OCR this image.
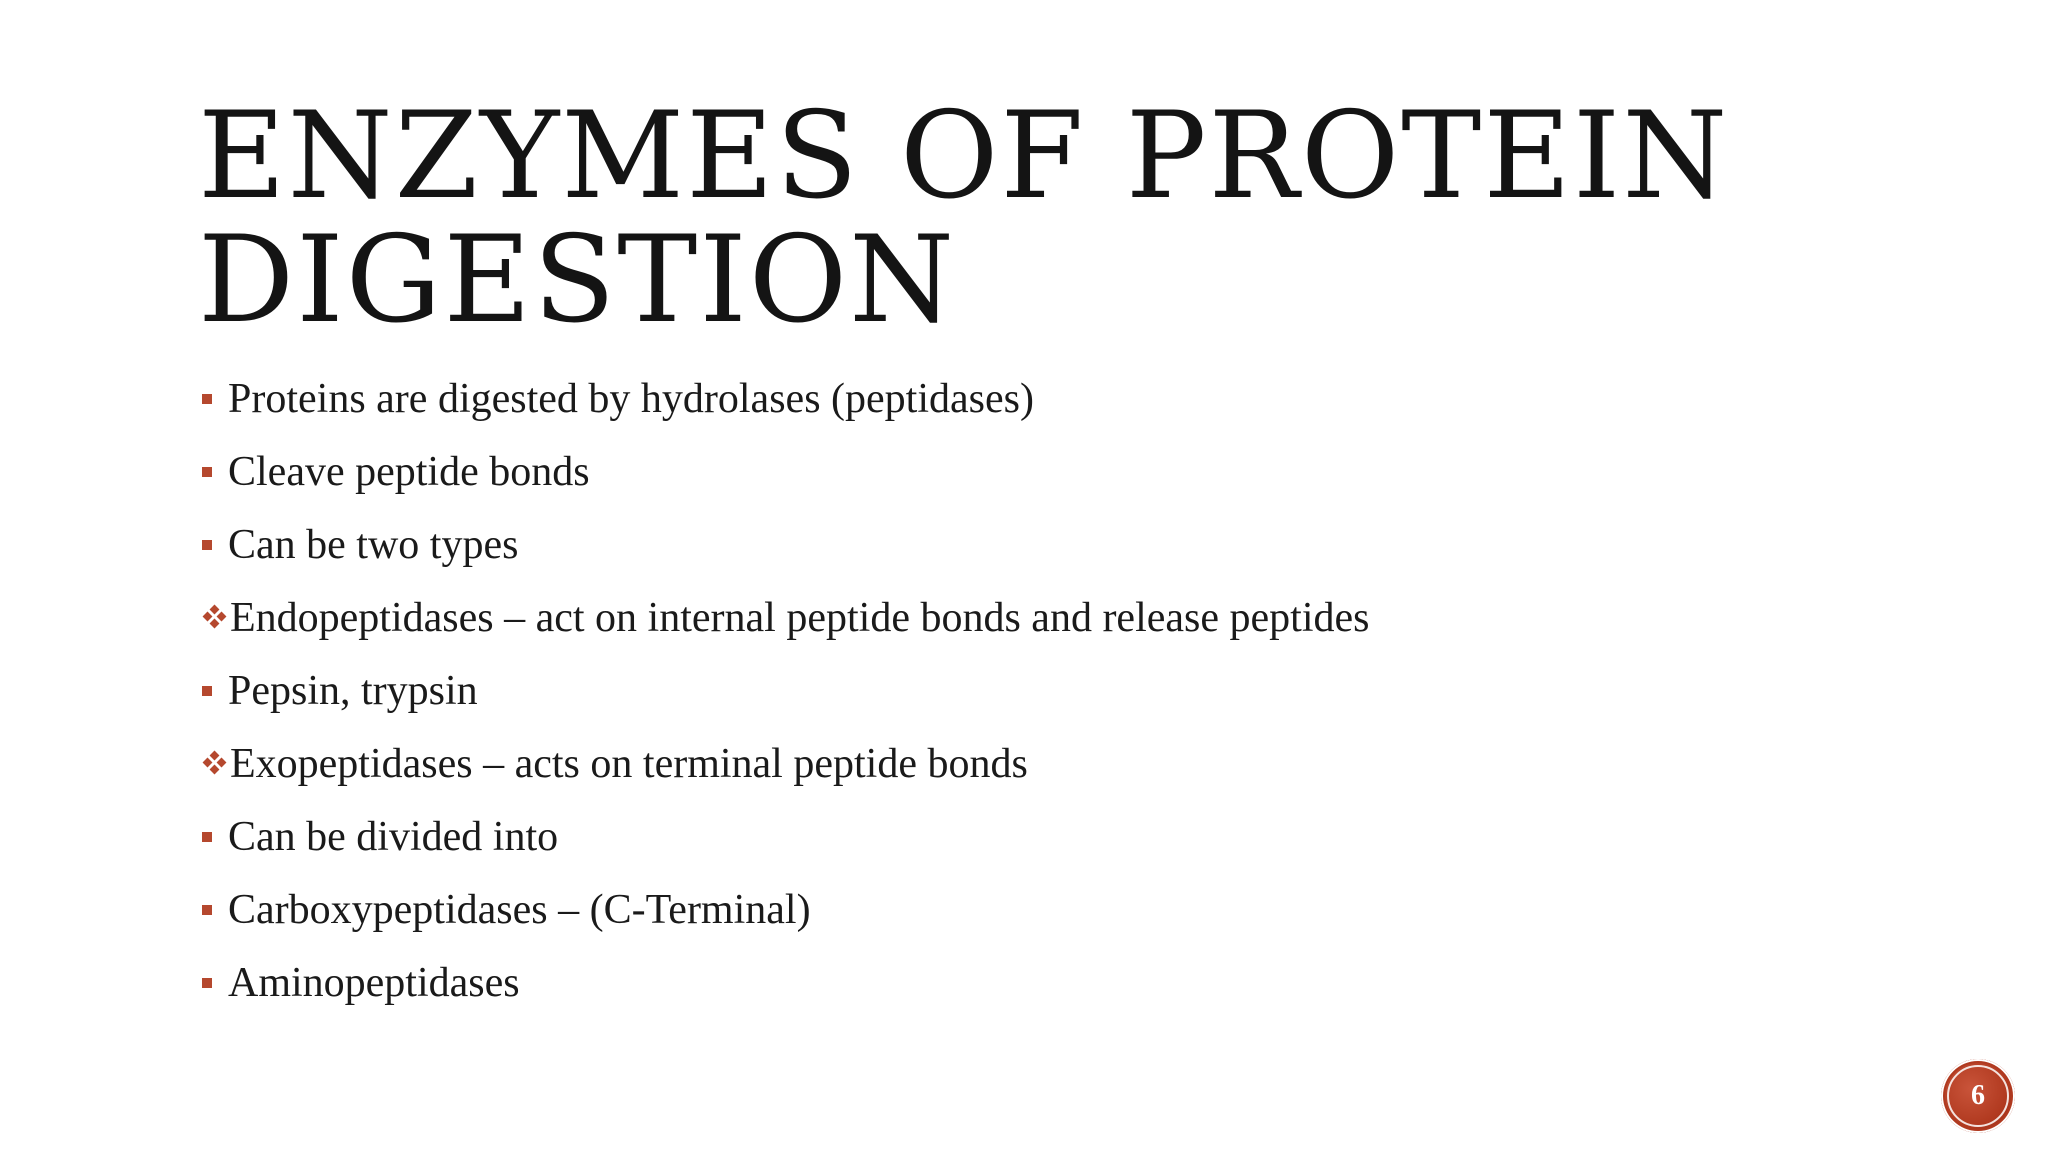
ENZYMES OF PROTEIN
DIGESTION
Proteins are digested by hydrolases (peptidases)
Cleave peptide bonds
Can be two types
Endopeptidases – act on internal peptide bonds and release peptides
Pepsin, trypsin
Exopeptidases – acts on terminal peptide bonds
Can be divided into
Carboxypeptidases – (C-Terminal)
Aminopeptidases
6
